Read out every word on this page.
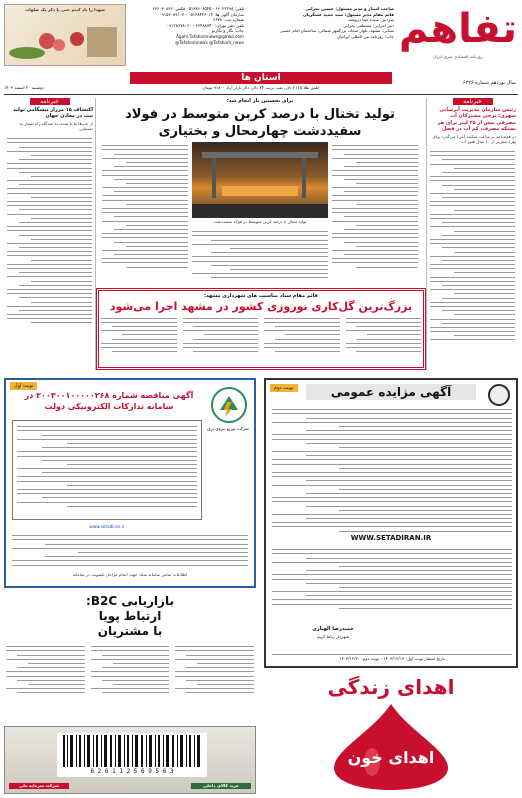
تفاهم
روزنامه اقتصادی شرق ایران
سال نوزدهم شماره ۶۲۲۶
صاحب امتیاز و مدیر مسئول: حسین بحرانی
قائم مقام مدیر مسئول: سید حمید عسگریان
سردبیر: سیده مینا درویشه
دبیر اجرایی: مصطفی بحرانی
نشانی: مشهد، بلوار سجاد، بزرگمهر شمالی، ساختمان امام خمینی
چاپ: روزنامه بین المللی ایرانیان
تلفن: ۶۶۰۲۲۲۹۸ - ۰۵۱۳۸۶۰۶۵۴۵ فکس: ۶۶۶۰۳۰۸۳۶
سازمان آگهی ها: ۰۵۱۳۸۴۴۶۰۱۴ - ۰۹۱۵۳۰۸۹۱۰۳
شماره ثبت: ۶۶۷۸
تلفن دفتر تهران: ۶۶۴۸۸۷۴۰ - ۰۹۱۲۸۶۷۸۰۶۰
چاپ: نگار و نگارنو
Agahi.Tafahomnews@gmail.com
@Tafahomnews @Tafahom_news
شهدا را یاد کنیم حتی با ذکر یک صلوات
استان ها
اتلس طلا ۲۱۱۵ دلار، نفت برنت ۷۴ دلار، دلار بازار آزاد ۹۱۸۰۰ تومان
دوشنبه ۲۰ اسفند ۱۴۰۳
خبرنامه
رئیس سازمان مدیریت آبرسانی شهری: برخی مشترکان آب مصرفی بیش از ۲۵ لیتر برای هر بستکه مصرف، کم آب در فصل
در هفته‌نامه بر ساعت سکینه (س) می‌گذرد برای بهرۀ بیش‌تر از ۱۰ سال هنوز آب
برای نخستین بار انجام شد:
تولید تختال با درصد کربن متوسط در فولاد سفیددشت چهارمحال و بختیاری
تولید تختال با درصد کربن متوسط در فولاد سفیددشت
خبرنامه
اکتشاف ۱۵ مرزار پیشگامی تولید ثبت در معادن جهان
از چپ‌ها ما تا شده، به سه‌گاه راه بسیار به دستیابی
قائم مقام ستاد مناسبت های شهرداری مشهد:
بزرگ‌ترین گل‌کاری نوروزی کشور در مشهد اجرا می‌شود
نوبت اول
شرکت توزیع نیروی برق
آگهی مناقصه شماره ۲۰۰۳۰۰۱۰۰۰۰۰۲۶۸ در سامانه تدارکات الکترونیکی دولت
www.setadiran.ir
اطلاعات تماس سامانه ستاد جهت انجام مراحل عضویت در سامانه
نوبت دوم	آگهی مزایده عمومی
WWW.SETADIRAN.IR
حمیدرضا الهیاری
شهردار رباط کریم
تاریخ انتشار نوبت اول: ۱۴۰۳/۱۲/۱۳ - نوبت دوم: ۱۴۰۳/۱۲/۲۰
بازاریابی B2C:
ارتباط پویا
با مشتریان
6 2 6 1 1 2 5 6 9 5 6 3
خرید کالای داخلی
شرکت سرمایه ملی
اهدای زندگی
اهدای خون
